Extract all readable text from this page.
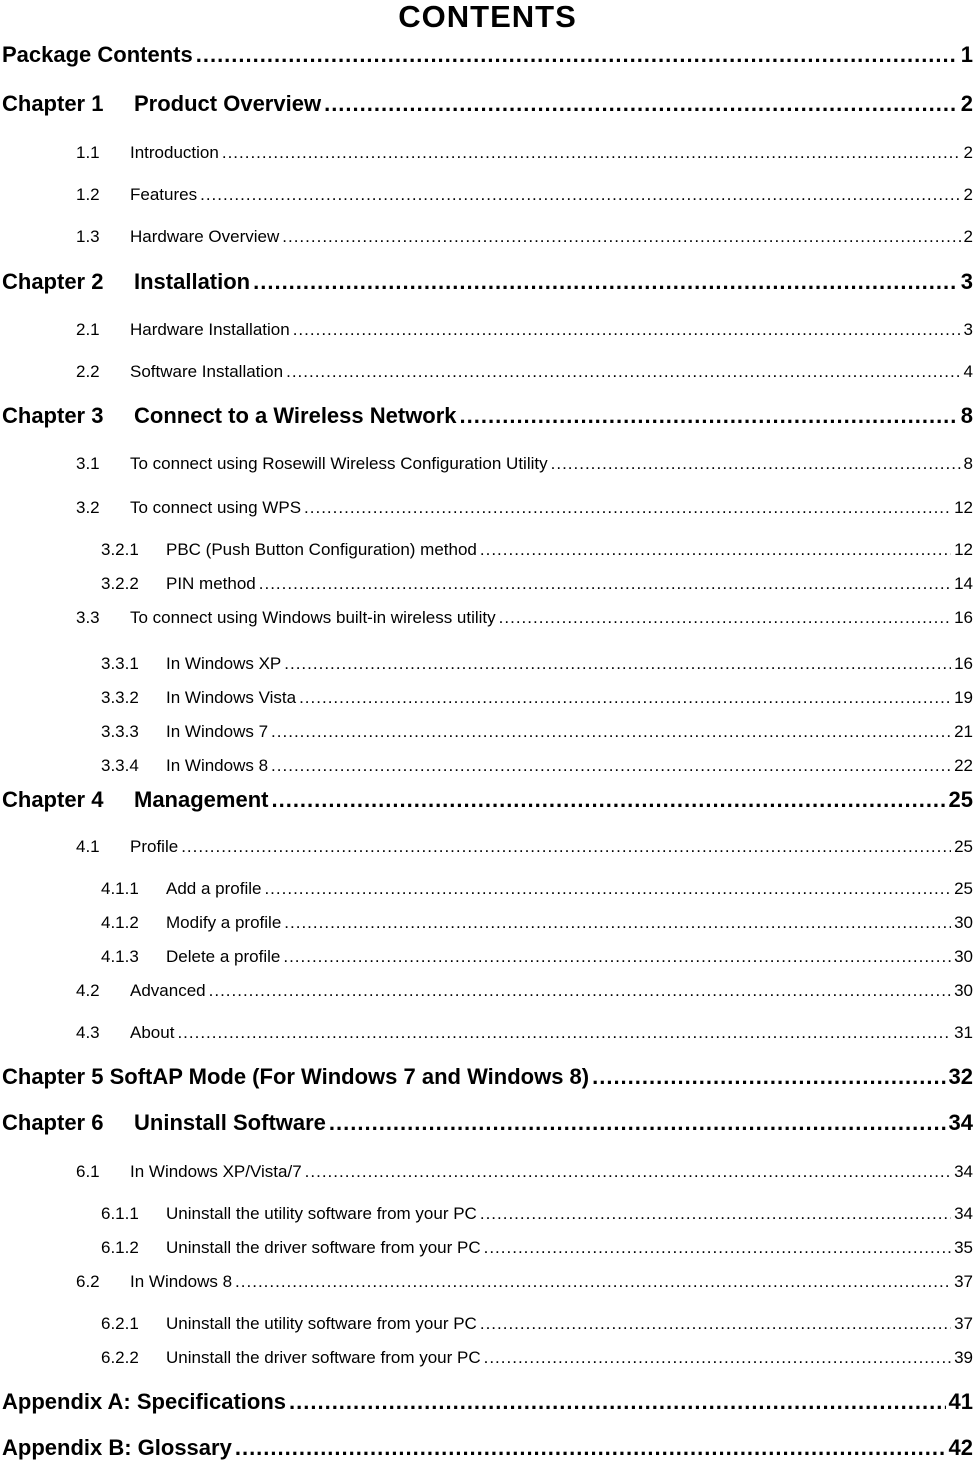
CONTENTS
Package Contents .....	1
Chapter 1	Product Overview .....	2
1.1	Introduction .....	2
1.2	Features .....	2
1.3	Hardware Overview .....	2
Chapter 2	Installation .....	3
2.1	Hardware Installation .....	3
2.2	Software Installation .....	4
Chapter 3	Connect to a Wireless Network .....	8
3.1	To connect using Rosewill Wireless Configuration Utility .....	8
3.2	To connect using WPS .....	12
3.2.1	PBC (Push Button Configuration) method .....	12
3.2.2	PIN method .....	14
3.3	To connect using Windows built-in wireless utility .....	16
3.3.1	In Windows XP .....	16
3.3.2	In Windows Vista .....	19
3.3.3	In Windows 7 .....	21
3.3.4	In Windows 8 .....	22
Chapter 4	Management .....	25
4.1	Profile .....	25
4.1.1	Add a profile .....	25
4.1.2	Modify a profile .....	30
4.1.3	Delete a profile .....	30
4.2	Advanced .....	30
4.3	About .....	31
Chapter 5 SoftAP Mode (For Windows 7 and Windows 8) .....	32
Chapter 6	Uninstall Software .....	34
6.1	In Windows XP/Vista/7 .....	34
6.1.1	Uninstall the utility software from your PC .....	34
6.1.2	Uninstall the driver software from your PC .....	35
6.2	In Windows 8 .....	37
6.2.1	Uninstall the utility software from your PC .....	37
6.2.2	Uninstall the driver software from your PC .....	39
Appendix A: Specifications .....	41
Appendix B: Glossary .....	42
